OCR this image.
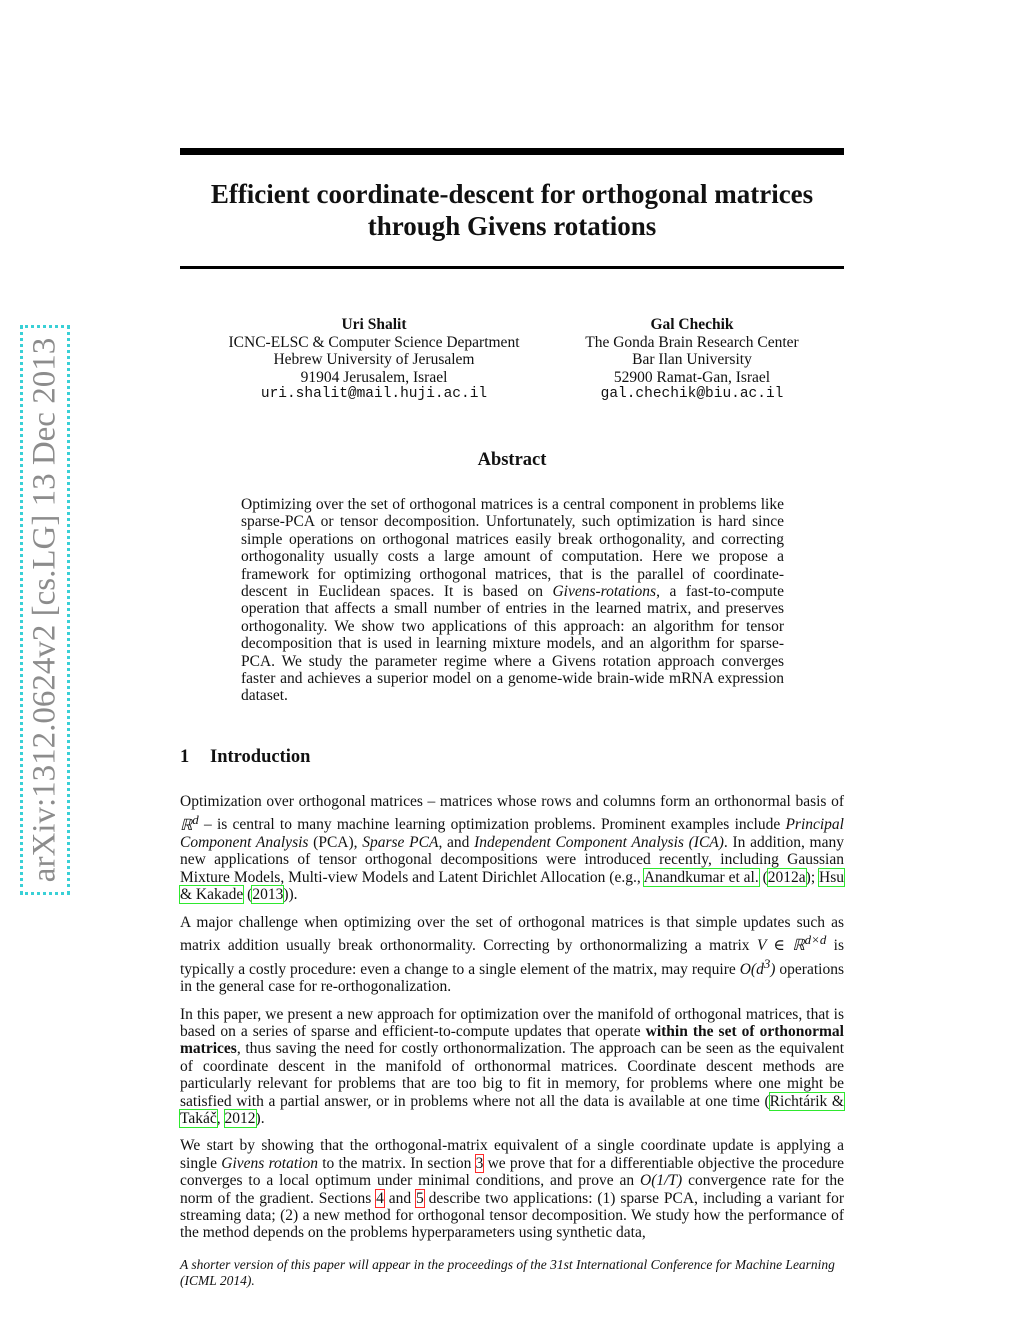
arXiv:1312.0624v2 [cs.LG] 13 Dec 2013
Efficient coordinate-descent for orthogonal matrices
through Givens rotations
Uri Shalit
ICNC-ELSC & Computer Science Department
Hebrew University of Jerusalem
91904 Jerusalem, Israel
uri.shalit@mail.huji.ac.il
Gal Chechik
The Gonda Brain Research Center
Bar Ilan University
52900 Ramat-Gan, Israel
gal.chechik@biu.ac.il
Abstract
Optimizing over the set of orthogonal matrices is a central component in problems like sparse-PCA or tensor decomposition. Unfortunately, such optimization is hard since simple operations on orthogonal matrices easily break orthogonality, and correcting orthogonality usually costs a large amount of computation. Here we propose a framework for optimizing orthogonal matrices, that is the parallel of coordinate-descent in Euclidean spaces. It is based on Givens-rotations, a fast-to-compute operation that affects a small number of entries in the learned matrix, and preserves orthogonality. We show two applications of this approach: an algorithm for tensor decomposition that is used in learning mixture models, and an algorithm for sparse-PCA. We study the parameter regime where a Givens rotation approach converges faster and achieves a superior model on a genome-wide brain-wide mRNA expression dataset.
1 Introduction

Optimization over orthogonal matrices – matrices whose rows and columns form an orthonormal basis of ℝ$^d$ – is central to many machine learning optimization problems. Prominent examples include Principal Component Analysis (PCA), Sparse PCA, and Independent Component Analysis (ICA). In addition, many new applications of tensor orthogonal decompositions were introduced recently, including Gaussian Mixture Models, Multi-view Models and Latent Dirichlet Allocation (e.g., Anandkumar et al. (2012a); Hsu & Kakade (2013)).

A major challenge when optimizing over the set of orthogonal matrices is that simple updates such as matrix addition usually break orthonormality. Correcting by orthonormalizing a matrix V ∈ ℝ$^{d\times d}$ is typically a costly procedure: even a change to a single element of the matrix, may require $O(d^3)$ operations in the general case for re-orthogonalization.

In this paper, we present a new approach for optimization over the manifold of orthogonal matrices, that is based on a series of sparse and efficient-to-compute updates that operate within the set of orthonormal matrices, thus saving the need for costly orthonormalization. The approach can be seen as the equivalent of coordinate descent in the manifold of orthonormal matrices. Coordinate descent methods are particularly relevant for problems that are too big to fit in memory, for problems where one might be satisfied with a partial answer, or in problems where not all the data is available at one time (Richtárik & Takáč, 2012).

We start by showing that the orthogonal-matrix equivalent of a single coordinate update is applying a single Givens rotation to the matrix. In section 3 we prove that for a differentiable objective the procedure converges to a local optimum under minimal conditions, and prove an O(1/T) convergence rate for the norm of the gradient. Sections 4 and 5 describe two applications: (1) sparse PCA, including a variant for streaming data; (2) a new method for orthogonal tensor decomposition. We study how the performance of the method depends on the problems hyperparameters using synthetic data,

A shorter version of this paper will appear in the proceedings of the 31st International Conference for Machine Learning (ICML 2014).
